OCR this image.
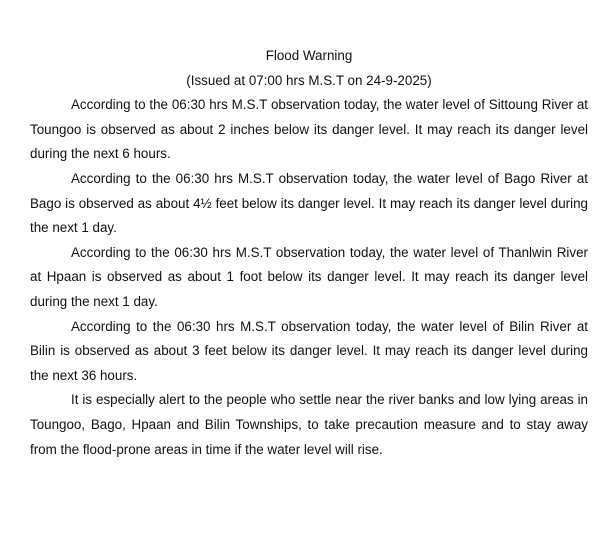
Flood Warning

(Issued at 07:00 hrs M.S.T on 24-9-2025)

According to the 06:30 hrs M.S.T observation today, the water level of Sittoung River at Toungoo is observed as about 2 inches below its danger level. It may reach its danger level during the next 6 hours.

According to the 06:30 hrs M.S.T observation today, the water level of Bago River at Bago is observed as about 4½ feet below its danger level. It may reach its danger level during the next 1 day.

According to the 06:30 hrs M.S.T observation today, the water level of Thanlwin River at Hpaan is observed as about 1 foot below its danger level. It may reach its danger level during the next 1 day.

According to the 06:30 hrs M.S.T observation today, the water level of Bilin River at Bilin is observed as about 3 feet below its danger level. It may reach its danger level during the next 36 hours.

It is especially alert to the people who settle near the river banks and low lying areas in Toungoo, Bago, Hpaan and Bilin Townships, to take precaution measure and to stay away from the flood-prone areas in time if the water level will rise.
